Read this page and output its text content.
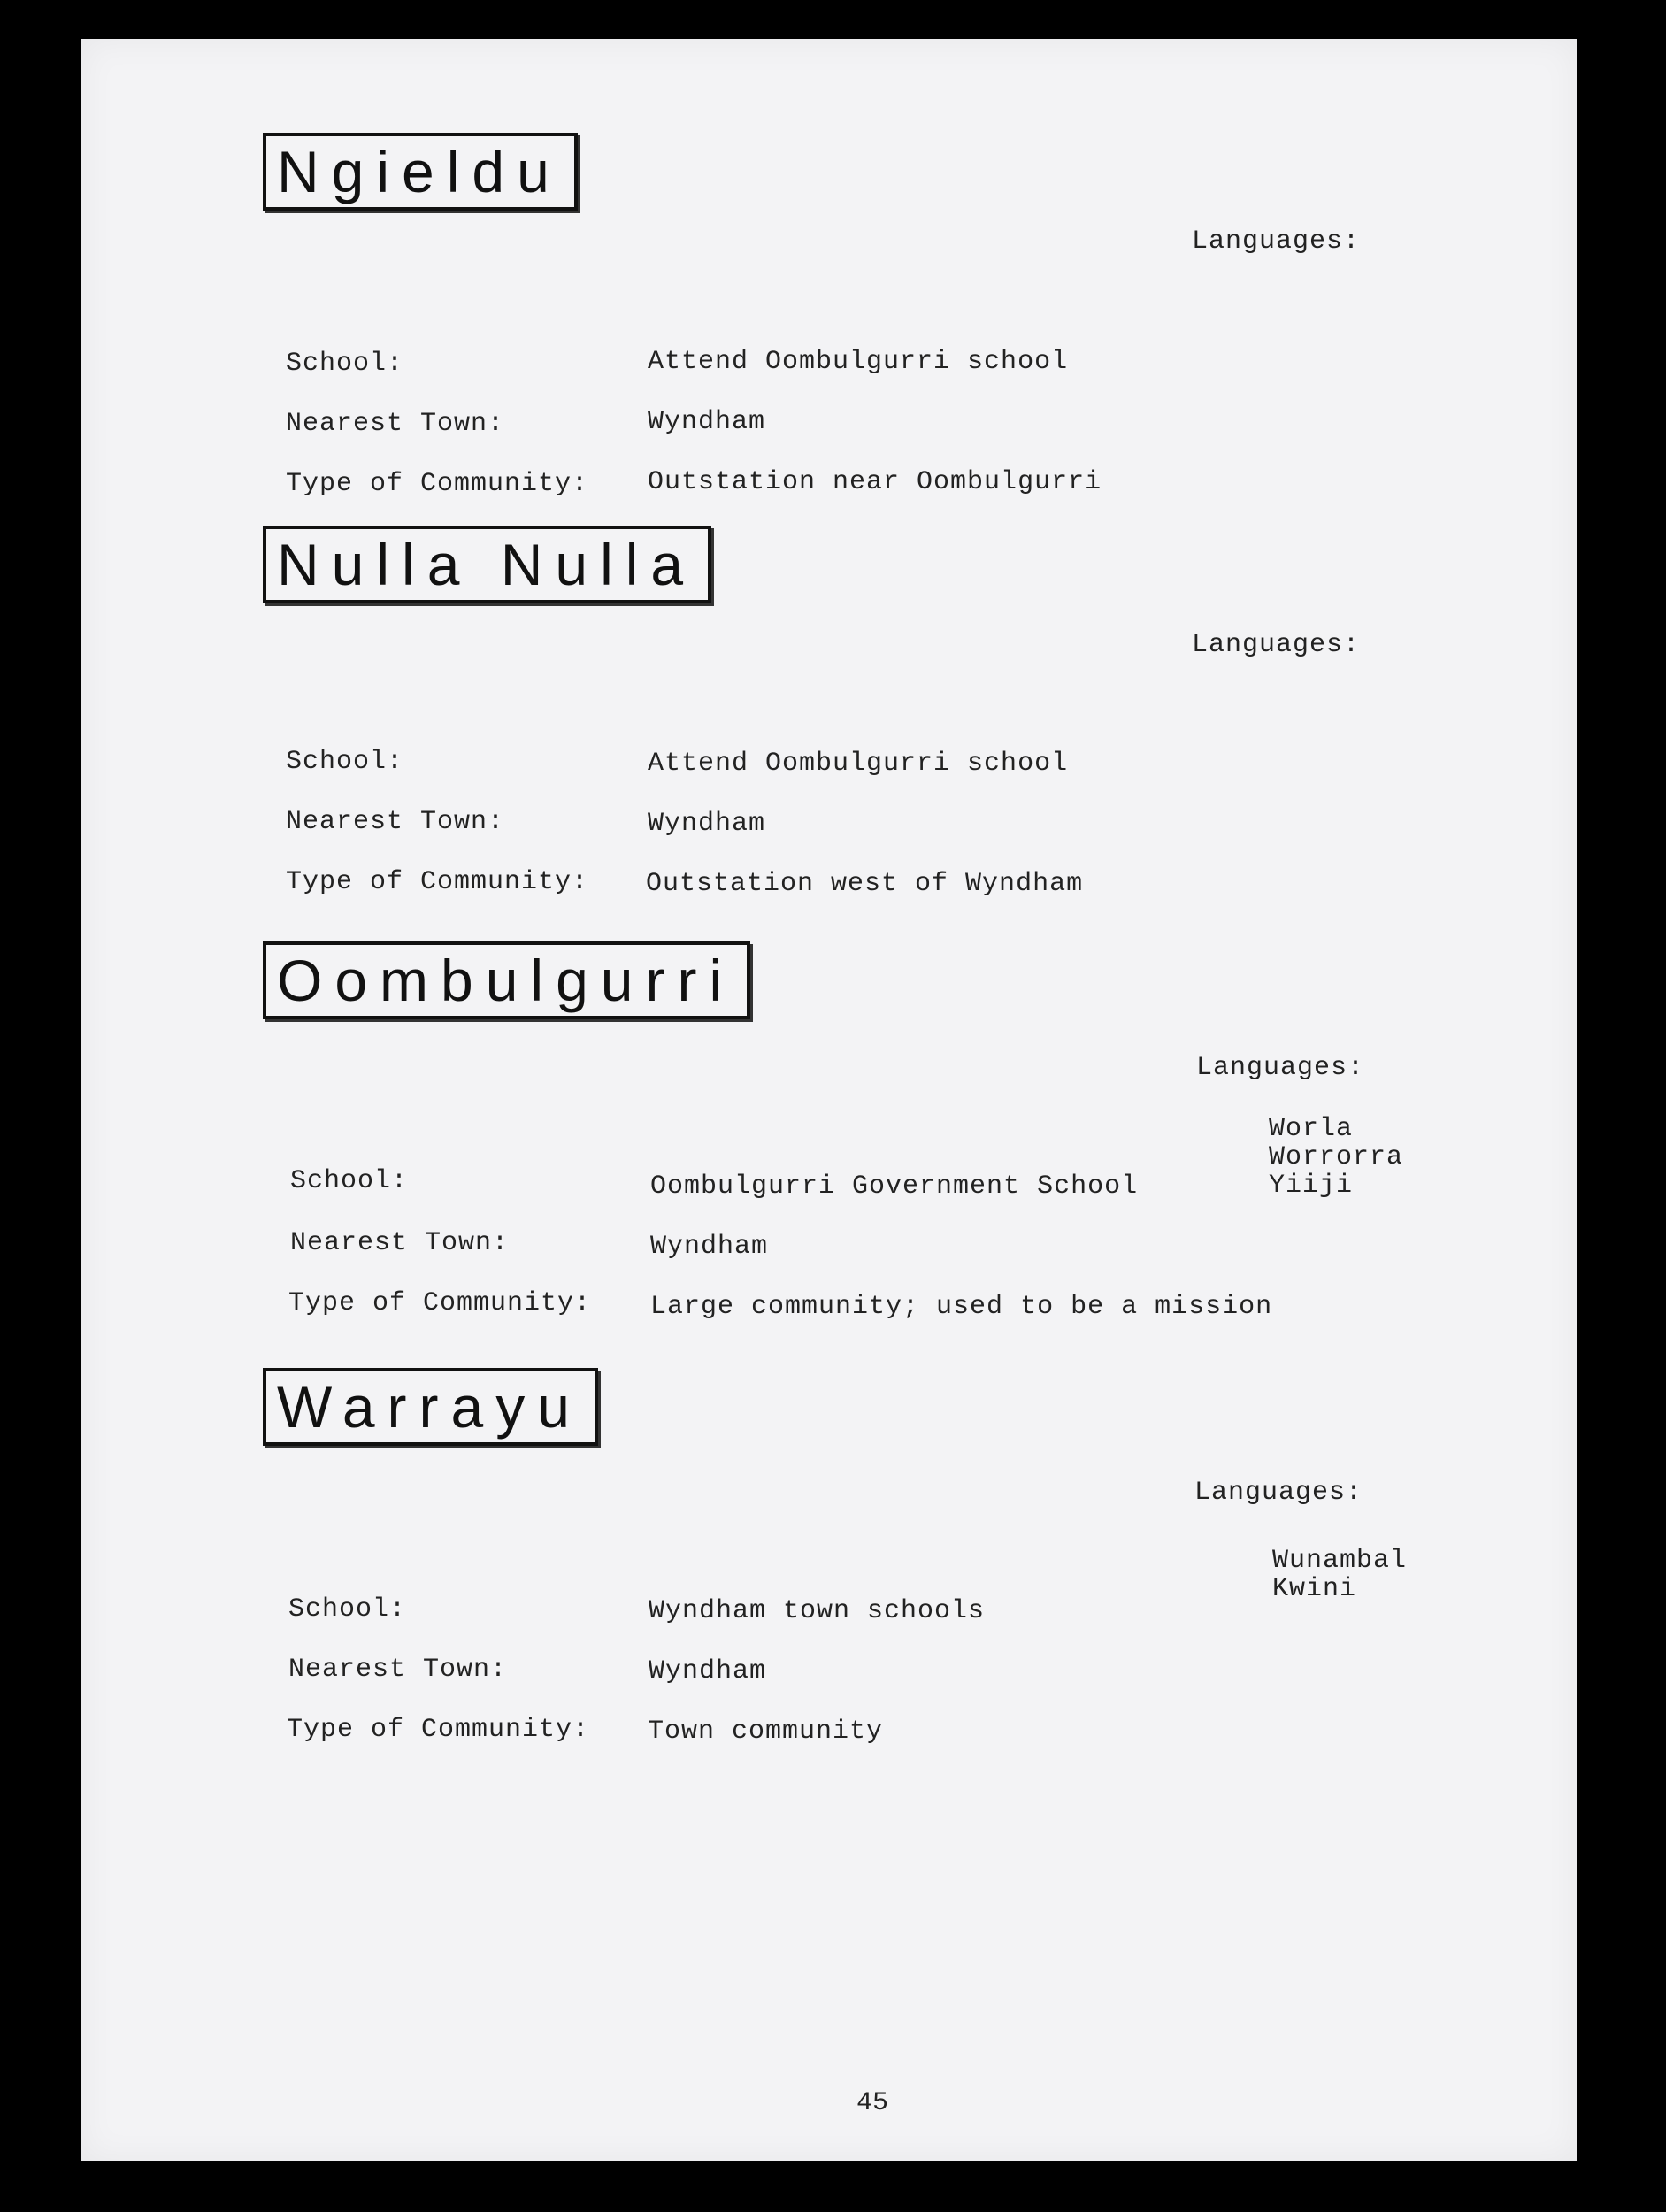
Ngieldu
Languages:
School:	Attend Oombulgurri school
Nearest Town:	Wyndham
Type of Community: Outstation near Oombulgurri
Nulla Nulla
Languages:
School:	Attend Oombulgurri school
Nearest Town:	Wyndham
Type of Community: Outstation west of Wyndham
Oombulgurri
Languages:
Worla
Worrorra
Yiiji
School:	Oombulgurri Government School
Nearest Town:	Wyndham
Type of Community: Large community; used to be a mission
Warrayu
Languages:
Wunambal
Kwini
School:	Wyndham town schools
Nearest Town:	Wyndham
Type of Community: Town community
45
